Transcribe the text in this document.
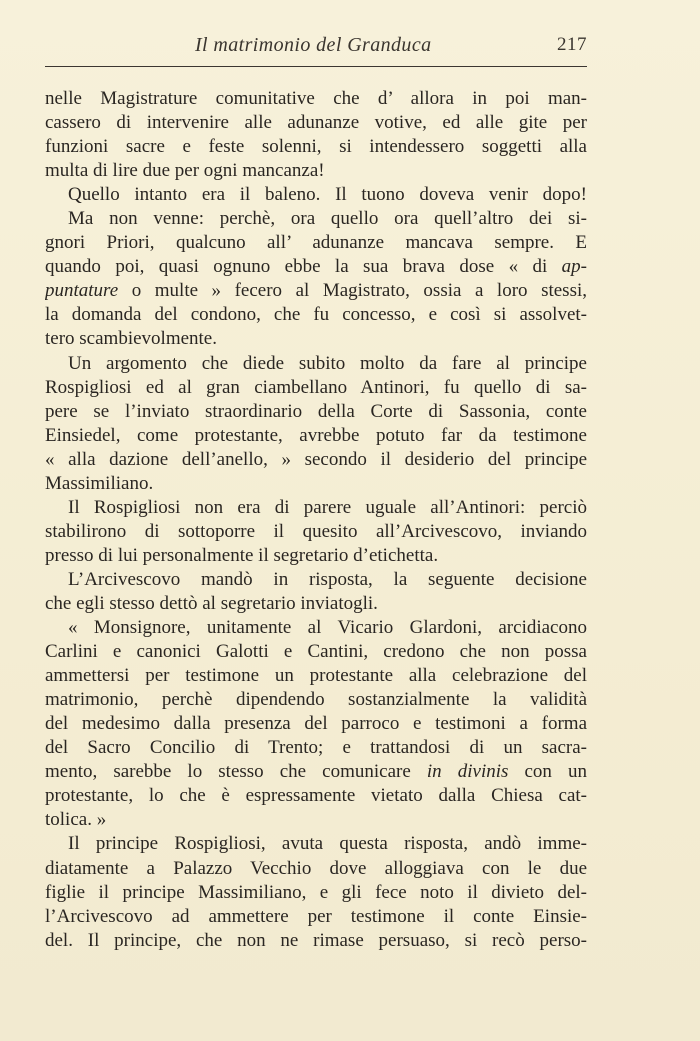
Il matrimonio del Granduca	217
nelle Magistrature comunitative che d’ allora in poi man-
cassero di intervenire alle adunanze votive, ed alle gite per
funzioni sacre e feste solenni, si intendessero soggetti alla
multa di lire due per ogni mancanza!
Quello intanto era il baleno. Il tuono doveva venir dopo!
Ma non venne: perchè, ora quello ora quell’altro dei si-
gnori Priori, qualcuno all’ adunanze mancava sempre. E
quando poi, quasi ognuno ebbe la sua brava dose « di ap-
puntature o multe » fecero al Magistrato, ossia a loro stessi,
la domanda del condono, che fu concesso, e così si assolvet-
tero scambievolmente.
Un argomento che diede subito molto da fare al principe
Rospigliosi ed al gran ciambellano Antinori, fu quello di sa-
pere se l’inviato straordinario della Corte di Sassonia, conte
Einsiedel, come protestante, avrebbe potuto far da testimone
« alla dazione dell’anello, » secondo il desiderio del principe
Massimiliano.
Il Rospigliosi non era di parere uguale all’Antinori: perciò
stabilirono di sottoporre il quesito all’Arcivescovo, inviando
presso di lui personalmente il segretario d’etichetta.
L’Arcivescovo mandò in risposta, la seguente decisione
che egli stesso dettò al segretario inviatogli.
« Monsignore, unitamente al Vicario Glardoni, arcidiacono
Carlini e canonici Galotti e Cantini, credono che non possa
ammettersi per testimone un protestante alla celebrazione del
matrimonio, perchè dipendendo sostanzialmente la validità
del medesimo dalla presenza del parroco e testimoni a forma
del Sacro Concilio di Trento; e trattandosi di un sacra-
mento, sarebbe lo stesso che comunicare in divinis con un
protestante, lo che è espressamente vietato dalla Chiesa cat-
tolica. »
Il principe Rospigliosi, avuta questa risposta, andò imme-
diatamente a Palazzo Vecchio dove alloggiava con le due
figlie il principe Massimiliano, e gli fece noto il divieto del-
l’Arcivescovo ad ammettere per testimone il conte Einsie-
del. Il principe, che non ne rimase persuaso, si recò perso-
